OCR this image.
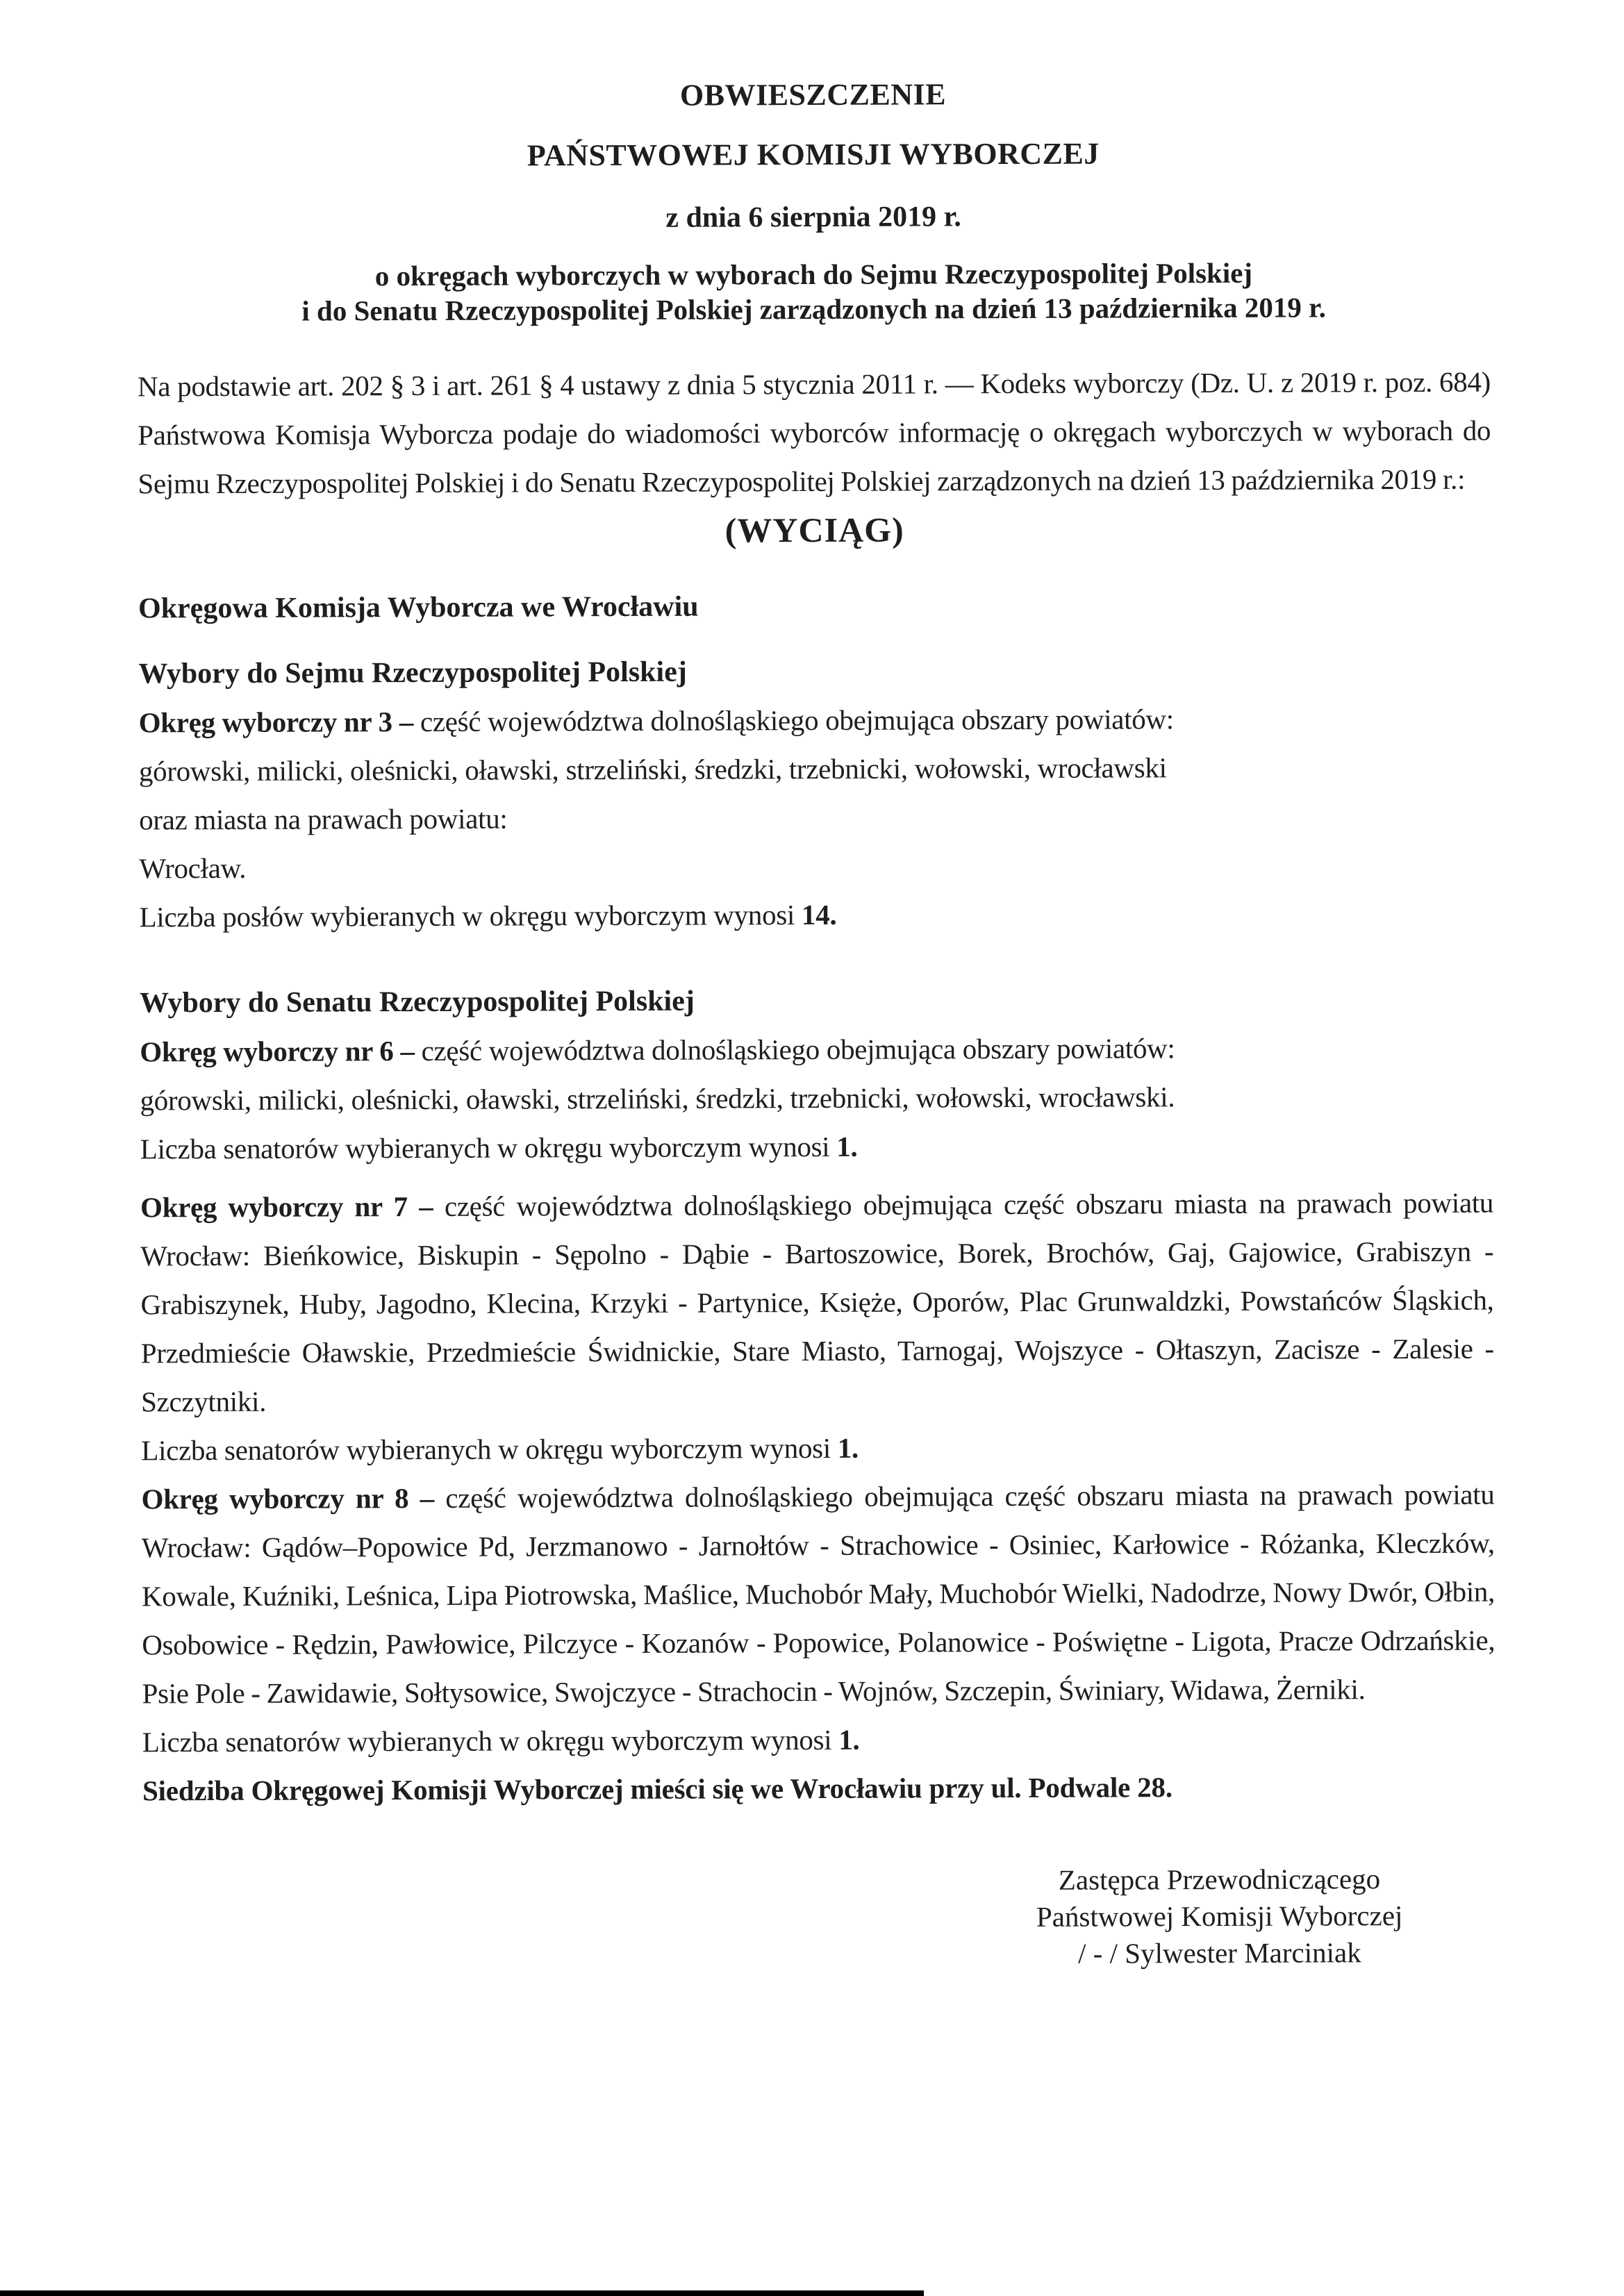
OBWIESZCZENIE
PAŃSTWOWEJ KOMISJI WYBORCZEJ
z dnia 6 sierpnia 2019 r.
o okręgach wyborczych w wyborach do Sejmu Rzeczypospolitej Polskiej
i do Senatu Rzeczypospolitej Polskiej zarządzonych na dzień 13 października 2019 r.
Na podstawie art. 202 § 3 i art. 261 § 4 ustawy z dnia 5 stycznia 2011 r. — Kodeks wyborczy (Dz. U. z 2019 r. poz. 684) Państwowa Komisja Wyborcza podaje do wiadomości wyborców informację o okręgach wyborczych w wyborach do Sejmu Rzeczypospolitej Polskiej i do Senatu Rzeczypospolitej Polskiej zarządzonych na dzień 13 października 2019 r.:
(WYCIĄG)
Okręgowa Komisja Wyborcza we Wrocławiu
Wybory do Sejmu Rzeczypospolitej Polskiej
Okręg wyborczy nr 3 – część województwa dolnośląskiego obejmująca obszary powiatów:
górowski, milicki, oleśnicki, oławski, strzeliński, średzki, trzebnicki, wołowski, wrocławski
oraz miasta na prawach powiatu:
Wrocław.
Liczba posłów wybieranych w okręgu wyborczym wynosi 14.
Wybory do Senatu Rzeczypospolitej Polskiej
Okręg wyborczy nr 6 – część województwa dolnośląskiego obejmująca obszary powiatów:
górowski, milicki, oleśnicki, oławski, strzeliński, średzki, trzebnicki, wołowski, wrocławski.
Liczba senatorów wybieranych w okręgu wyborczym wynosi 1.
Okręg wyborczy nr 7 – część województwa dolnośląskiego obejmująca część obszaru miasta na prawach powiatu Wrocław: Bieńkowice, Biskupin - Sępolno - Dąbie - Bartoszowice, Borek, Brochów, Gaj, Gajowice, Grabiszyn - Grabiszynek, Huby, Jagodno, Klecina, Krzyki - Partynice, Księże, Oporów, Plac Grunwaldzki, Powstańców Śląskich, Przedmieście Oławskie, Przedmieście Świdnickie, Stare Miasto, Tarnogaj, Wojszyce - Ołtaszyn, Zacisze - Zalesie - Szczytniki.
Liczba senatorów wybieranych w okręgu wyborczym wynosi 1.
Okręg wyborczy nr 8 – część województwa dolnośląskiego obejmująca część obszaru miasta na prawach powiatu Wrocław: Gądów–Popowice Pd, Jerzmanowo - Jarnołtów - Strachowice - Osiniec, Karłowice - Różanka, Kleczków, Kowale, Kuźniki, Leśnica, Lipa Piotrowska, Maślice, Muchobór Mały, Muchobór Wielki, Nadodrze, Nowy Dwór, Ołbin, Osobowice - Rędzin, Pawłowice, Pilczyce - Kozanów - Popowice, Polanowice - Poświętne - Ligota, Pracze Odrzańskie, Psie Pole - Zawidawie, Sołtysowice, Swojczyce - Strachocin - Wojnów, Szczepin, Świniary, Widawa, Żerniki.
Liczba senatorów wybieranych w okręgu wyborczym wynosi 1.
Siedziba Okręgowej Komisji Wyborczej mieści się we Wrocławiu przy ul. Podwale 28.
Zastępca Przewodniczącego
Państwowej Komisji Wyborczej
/ - / Sylwester Marciniak
